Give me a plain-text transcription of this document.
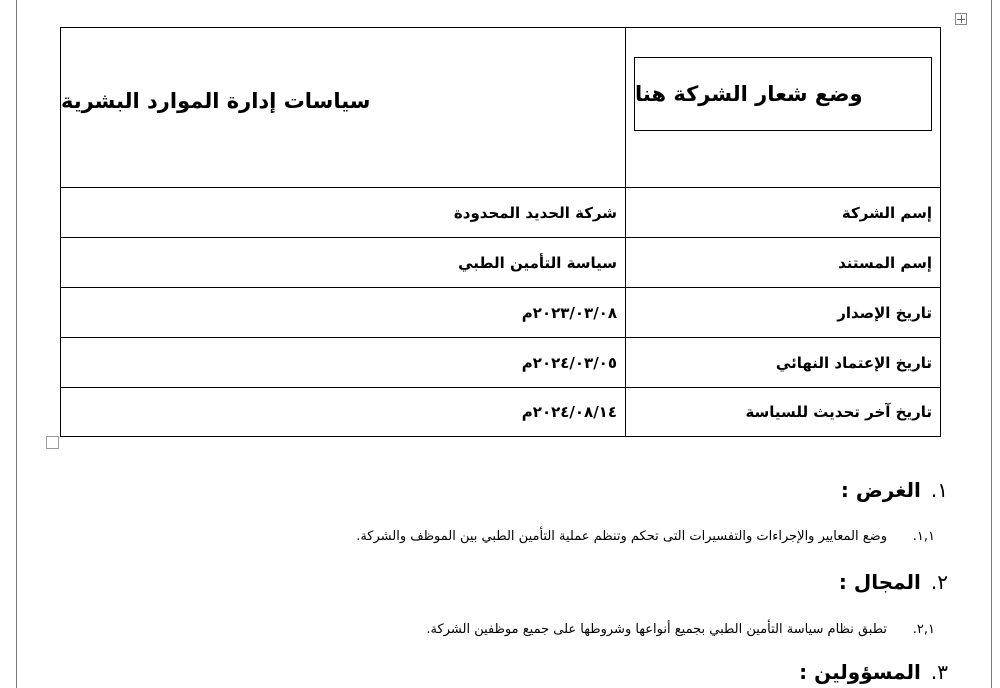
وضع شعار الشركة هنا
سياسات إدارة الموارد البشرية
إسم الشركة
شركة الحديد المحدودة
إسم المستند
سياسة التأمين الطبي
تاريخ الإصدار
٢٠٢٣/٠٣/٠٨م
تاريخ الإعتماد النهائي
٢٠٢٤/٠٣/٠٥م
تاريخ آخر تحديث للسياسة
٢٠٢٤/٠٨/١٤م
١.الغرض :
١,١.وضع المعايير والإجراءات والتفسيرات التى تحكم وتنظم عملية التأمين الطبي بين الموظف والشركة.
٢.المجال :
٢,١.تطبق نظام سياسة التأمين الطبي بجميع أنواعها وشروطها على جميع موظفين الشركة.
٣.المسؤولين :
